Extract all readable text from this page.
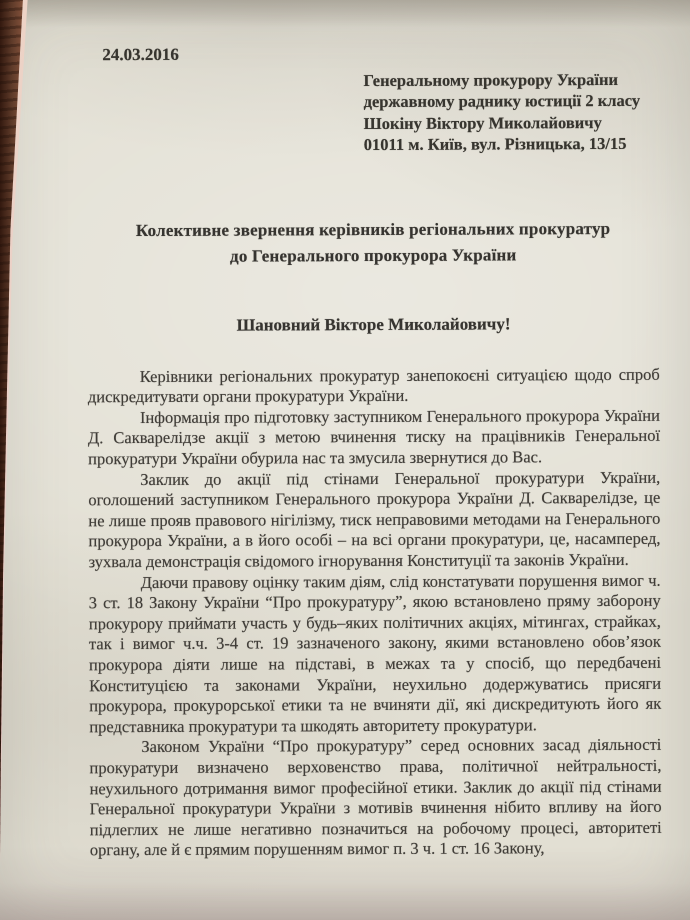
24.03.2016
Генеральному прокурору України
державному раднику юстиції 2 класу
Шокіну Віктору Миколайовичу
01011 м. Київ, вул. Різницька, 13/15
Колективне звернення керівників регіональних прокуратур
до Генерального прокурора України
Шановний Вікторе Миколайовичу!

Керівники регіональних прокуратур занепокоєні ситуацією щодо спроб дискредитувати органи прокуратури України.

Інформація про підготовку заступником Генерального прокурора України Д. Сакварелідзе акції з метою вчинення тиску на працівників Генеральної прокуратури України обурила нас та змусила звернутися до Вас.

Заклик до акції під стінами Генеральної прокуратури України, оголошений заступником Генерального прокурора України Д. Сакварелідзе, це не лише прояв правового нігілізму, тиск неправовими методами на Генерального прокурора України, а в його особі – на всі органи прокуратури, це, насамперед, зухвала демонстрація свідомого ігнорування Конституції та законів України.

Даючи правову оцінку таким діям, слід констатувати порушення вимог ч. 3 ст. 18 Закону України “Про прокуратуру”, якою встановлено пряму заборону прокурору приймати участь у будь–яких політичних акціях, мітингах, страйках, так і вимог ч.ч. 3-4 ст. 19 зазначеного закону, якими встановлено обов’язок прокурора діяти лише на підставі, в межах та у спосіб, що передбачені Конституцією та законами України, неухильно додержуватись присяги прокурора, прокурорської етики та не вчиняти дії, які дискредитують його як представника прокуратури та шкодять авторитету прокуратури.

Законом України “Про прокуратуру” серед основних засад діяльності прокуратури визначено верховенство права, політичної нейтральності, неухильного дотримання вимог професійної етики. Заклик до акції під стінами Генеральної прокуратури України з мотивів вчинення нібито впливу на його підлеглих не лише негативно позначиться на робочому процесі, авторитеті органу, але й є прямим порушенням вимог п. 3 ч. 1 ст. 16 Закону,
